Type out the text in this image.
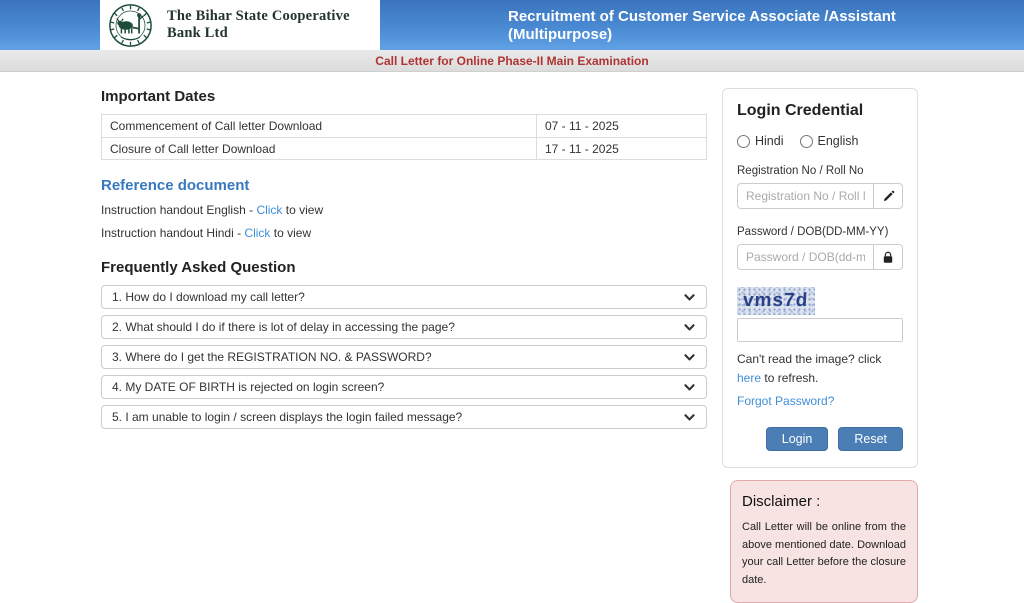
The Bihar State Cooperative Bank Ltd
Recruitment of Customer Service Associate /Assistant
(Multipurpose)
Call Letter for Online Phase-II Main Examination
Important Dates
Commencement of Call letter Download	07 - 11 - 2025
Closure of Call letter Download	17 - 11 - 2025
Reference document
Instruction handout English - Click to view
Instruction handout Hindi - Click to view
Frequently Asked Question
1. How do I download my call letter?
2. What should I do if there is lot of delay in accessing the page?
3. Where do I get the REGISTRATION NO. & PASSWORD?
4. My DATE OF BIRTH is rejected on login screen?
5. I am unable to login / screen displays the login failed message?
Login Credential
Hindi	English
Registration No / Roll No
Registration No / Roll No
Password / DOB(DD-MM-YY)
vms7d
Can't read the image? click here to refresh.
Forgot Password?
Login	Reset
Disclaimer :

Call Letter will be online from the above mentioned date. Download your call Letter before the closure date.
